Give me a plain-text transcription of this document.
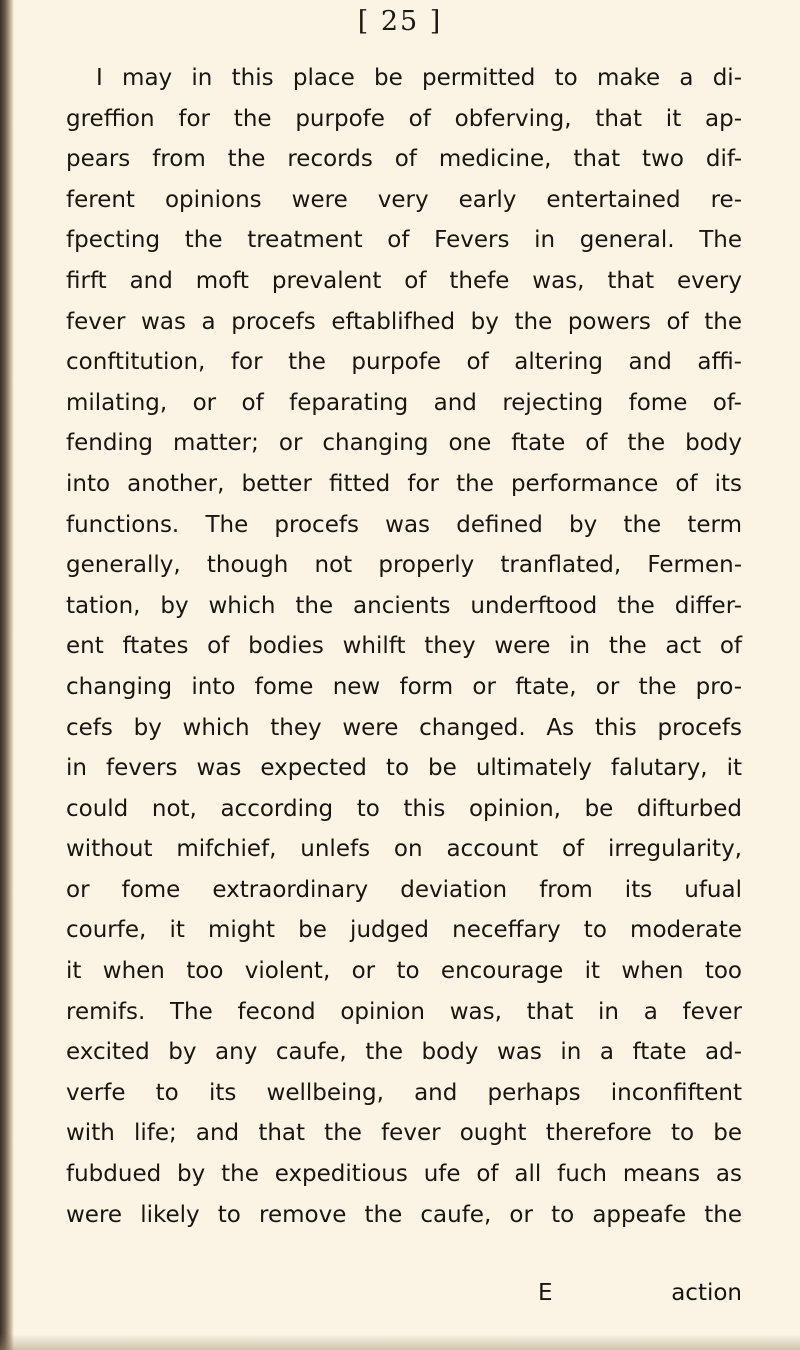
[ 25 ]
I may in this place be permitted to make a di-
greffion for the purpofe of obferving, that it ap-
pears from the records of medicine, that two dif-
ferent opinions were very early entertained re-
fpecting the treatment of Fevers in general. The
firft and moft prevalent of thefe was, that every
fever was a procefs eftablifhed by the powers of the
conftitution, for the purpofe of altering and affi-
milating, or of feparating and rejecting fome of-
fending matter; or changing one ftate of the body
into another, better fitted for the performance of its
functions. The procefs was defined by the term
generally, though not properly tranflated, Fermen-
tation, by which the ancients underftood the differ-
ent ftates of bodies whilft they were in the act of
changing into fome new form or ftate, or the pro-
cefs by which they were changed. As this procefs
in fevers was expected to be ultimately falutary, it
could not, according to this opinion, be difturbed
without mifchief, unlefs on account of irregularity,
or fome extraordinary deviation from its ufual
courfe, it might be judged neceffary to moderate
it when too violent, or to encourage it when too
remifs. The fecond opinion was, that in a fever
excited by any caufe, the body was in a ftate ad-
verfe to its wellbeing, and perhaps inconfiftent
with life; and that the fever ought therefore to be
fubdued by the expeditious ufe of all fuch means as
were likely to remove the caufe, or to appeafe the
E	action
